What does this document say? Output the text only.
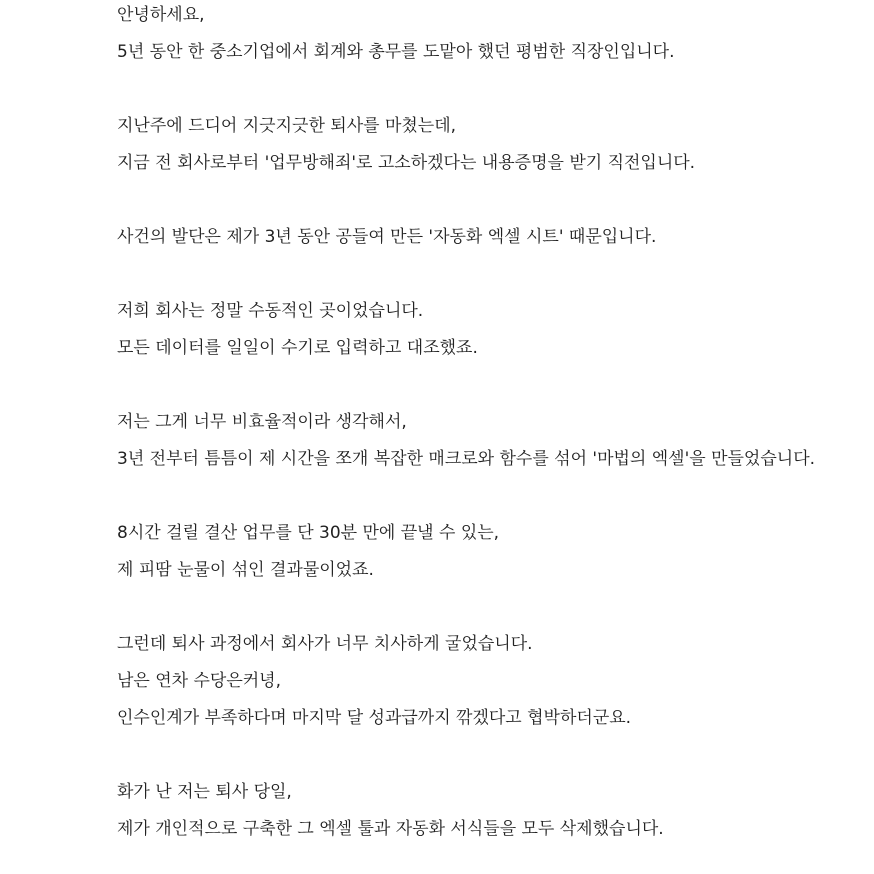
안녕하세요,
5년 동안 한 중소기업에서 회계와 총무를 도맡아 했던 평범한 직장인입니다.
지난주에 드디어 지긋지긋한 퇴사를 마쳤는데,
지금 전 회사로부터 '업무방해죄'로 고소하겠다는 내용증명을 받기 직전입니다.
사건의 발단은 제가 3년 동안 공들여 만든 '자동화 엑셀 시트' 때문입니다.
저희 회사는 정말 수동적인 곳이었습니다.
모든 데이터를 일일이 수기로 입력하고 대조했죠.
저는 그게 너무 비효율적이라 생각해서,
3년 전부터 틈틈이 제 시간을 쪼개 복잡한 매크로와 함수를 섞어 '마법의 엑셀'을 만들었습니다.
8시간 걸릴 결산 업무를 단 30분 만에 끝낼 수 있는,
제 피땀 눈물이 섞인 결과물이었죠.
그런데 퇴사 과정에서 회사가 너무 치사하게 굴었습니다.
남은 연차 수당은커녕,
인수인계가 부족하다며 마지막 달 성과급까지 깎겠다고 협박하더군요.
화가 난 저는 퇴사 당일,
제가 개인적으로 구축한 그 엑셀 툴과 자동화 서식들을 모두 삭제했습니다.
